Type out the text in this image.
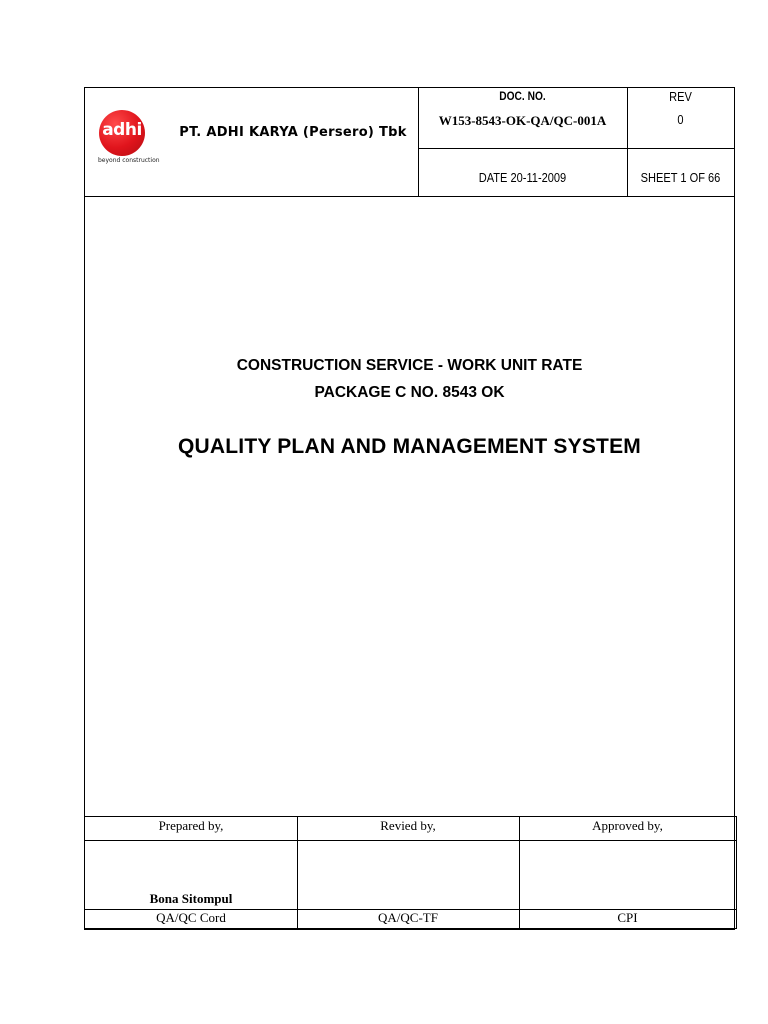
adhi
beyond construction
PT. ADHI KARYA (Persero) Tbk
DOC. NO.
W153-8543-OK-QA/QC-001A
REV
0
DATE 20-11-2009	SHEET 1 OF 66
CONSTRUCTION SERVICE - WORK UNIT RATE
PACKAGE C NO. 8543 OK
QUALITY PLAN AND MANAGEMENT SYSTEM
Prepared by,	Revied by,	Approved by,
Bona Sitompul
QA/QC Cord	QA/QC-TF	CPI
